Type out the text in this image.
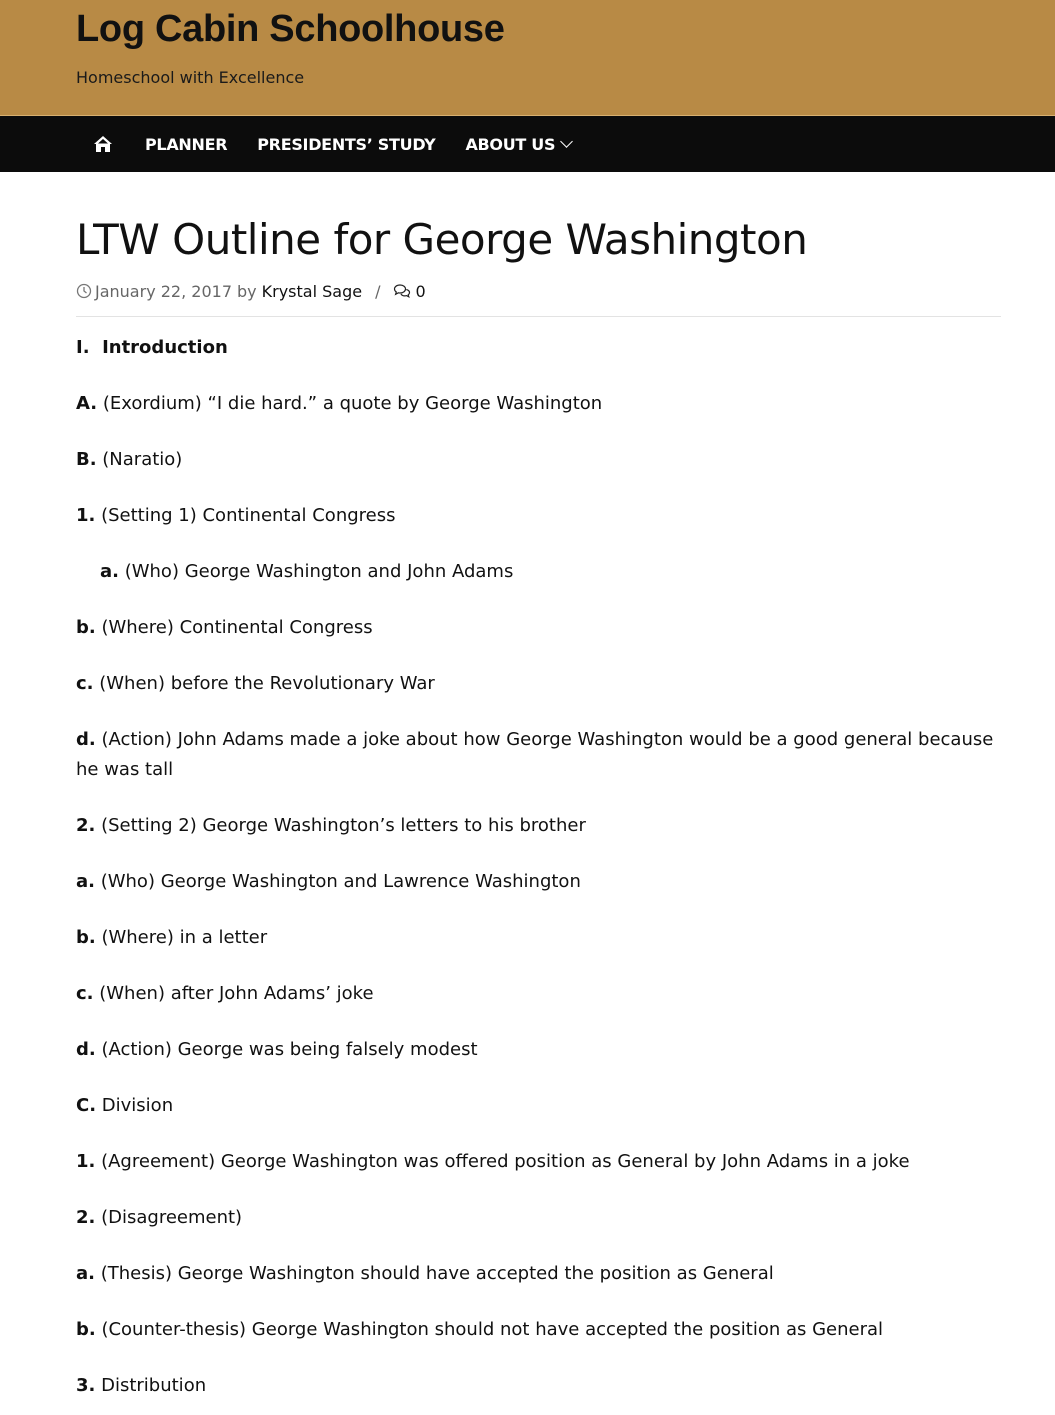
Log Cabin Schoolhouse
Homeschool with Excellence
PLANNER PRESIDENTS’ STUDY ABOUT US
LTW Outline for George Washington
January 22, 2017 by Krystal Sage / 0

I.  Introduction

A. (Exordium) “I die hard.” a quote by George Washington

B. (Naratio)

1. (Setting 1) Continental Congress

a. (Who) George Washington and John Adams

b. (Where) Continental Congress

c. (When) before the Revolutionary War

d. (Action) John Adams made a joke about how George Washington would be a good general because he was tall

2. (Setting 2) George Washington’s letters to his brother

a. (Who) George Washington and Lawrence Washington

b. (Where) in a letter

c. (When) after John Adams’ joke

d. (Action) George was being falsely modest

C. Division

1. (Agreement) George Washington was offered position as General by John Adams in a joke

2. (Disagreement)

a. (Thesis) George Washington should have accepted the position as General

b. (Counter-thesis) George Washington should not have accepted the position as General

3. Distribution
